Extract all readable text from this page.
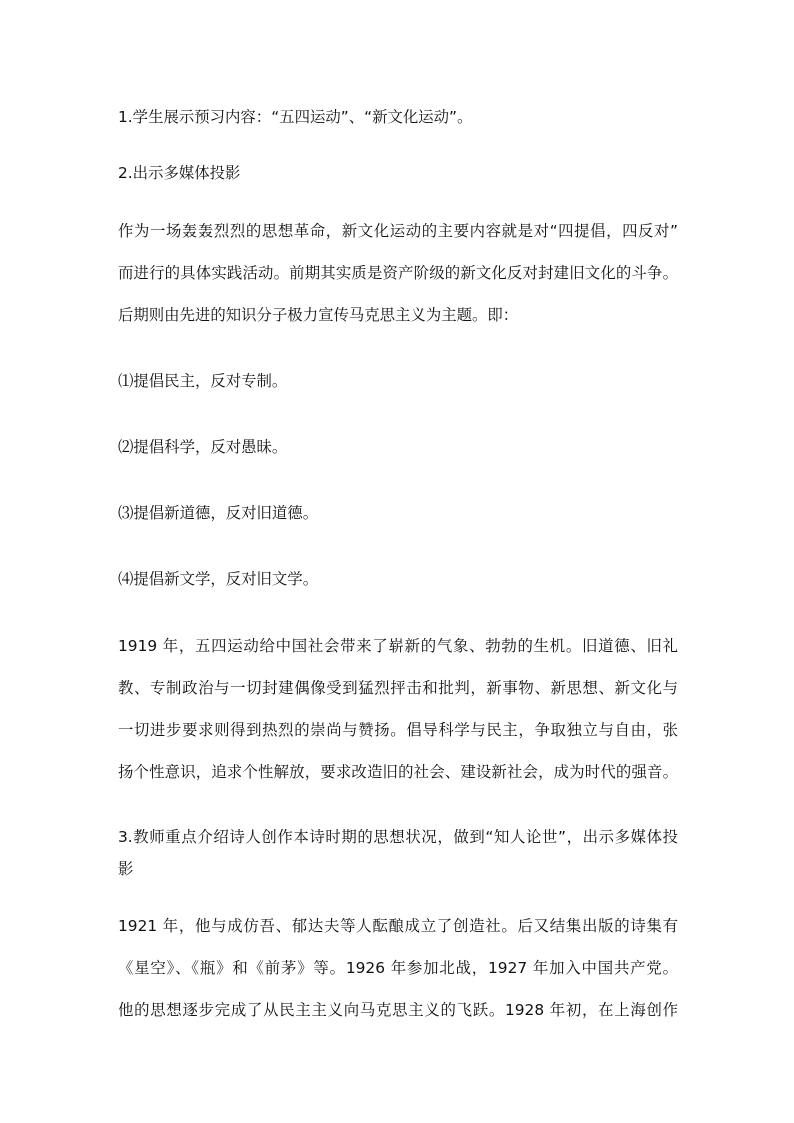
1.学生展示预习内容：“五四运动”、“新文化运动”。
2.出示多媒体投影
作为一场轰轰烈烈的思想革命，新文化运动的主要内容就是对“四提倡，四反对”
而进行的具体实践活动。前期其实质是资产阶级的新文化反对封建旧文化的斗争。
后期则由先进的知识分子极力宣传马克思主义为主题。即：
⑴提倡民主，反对专制。
⑵提倡科学，反对愚昧。
⑶提倡新道德，反对旧道德。
⑷提倡新文学，反对旧文学。
1919 年，五四运动给中国社会带来了崭新的气象、勃勃的生机。旧道德、旧礼
教、专制政治与一切封建偶像受到猛烈抨击和批判，新事物、新思想、新文化与
一切进步要求则得到热烈的崇尚与赞扬。倡导科学与民主，争取独立与自由，张
扬个性意识，追求个性解放，要求改造旧的社会、建设新社会，成为时代的强音。
3.教师重点介绍诗人创作本诗时期的思想状况，做到“知人论世”，出示多媒体投
影
1921 年，他与成仿吾、郁达夫等人酝酿成立了创造社。后又结集出版的诗集有
《星空》、《瓶》和《前茅》等。1926 年参加北战，1927 年加入中国共产党。
他的思想逐步完成了从民主主义向马克思主义的飞跃。1928 年初，在上海创作
